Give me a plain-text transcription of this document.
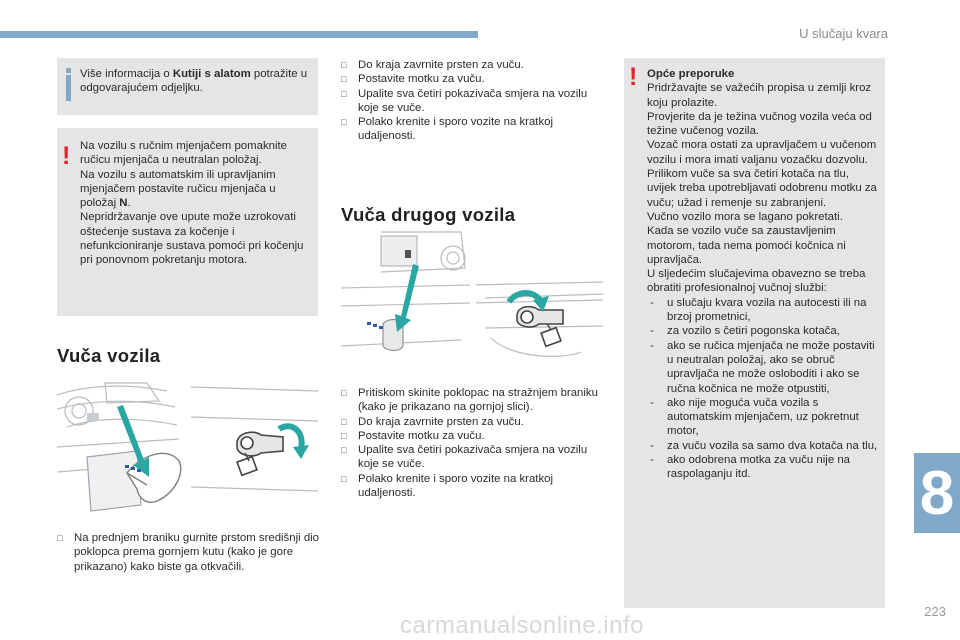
U slučaju kvara
8
223
carmanualsonline.info

Više informacija o Kutiji s alatom potražite u odgovarajućem odjeljku.

! Na vozilu s ručnim mjenjačem pomaknite ručicu mjenjača u neutralan položaj.

Na vozilu s automatskim ili upravljanim mjenjačem postavite ručicu mjenjača u položaj N.

Nepridržavanje ove upute može uzrokovati oštećenje sustava za kočenje i nefunkcioniranje sustava pomoći pri kočenju pri ponovnom pokretanju motora.

Vuča vozila
□ Na prednjem braniku gurnite prstom središnji dio poklopca prema gornjem kutu (kako je gore prikazano) kako biste ga otkvačili.
□ Do kraja zavrnite prsten za vuču.
□ Postavite motku za vuču.
□ Upalite sva četiri pokazivača smjera na vozilu koje se vuče.
□ Polako krenite i sporo vozite na kratkoj udaljenosti.
Vuča drugog vozila
□ Pritiskom skinite poklopac na stražnjem braniku (kako je prikazano na gornjoj slici).
□ Do kraja zavrnite prsten za vuču.
□ Postavite motku za vuču.
□ Upalite sva četiri pokazivača smjera na vozilu koje se vuče.
□ Polako krenite i sporo vozite na kratkoj udaljenosti.
! Opće preporuke

Pridržavajte se važećih propisa u zemlji kroz koju prolazite.

Provjerite da je težina vučnog vozila veća od težine vučenog vozila.

Vozač mora ostati za upravljačem u vučenom vozilu i mora imati valjanu vozačku dozvolu.

Prilikom vuče sa sva četiri kotača na tlu, uvijek treba upotrebljavati odobrenu motku za vuču; užad i remenje su zabranjeni.

Vučno vozilo mora se lagano pokretati.

Kada se vozilo vuče sa zaustavljenim motorom, tada nema pomoći kočnica ni upravljača.

U sljedećim slučajevima obavezno se treba obratiti profesionalnoj vučnoj službi:

- u slučaju kvara vozila na autocesti ili na brzoj prometnici,
- za vozilo s četiri pogonska kotača,
- ako se ručica mjenjača ne može postaviti u neutralan položaj, ako se obruč upravljača ne može osloboditi i ako se ručna kočnica ne može otpustiti,
- ako nije moguća vuča vozila s automatskim mjenjačem, uz pokretnut motor,
- za vuču vozila sa samo dva kotača na tlu,
- ako odobrena motka za vuču nije na raspolaganju itd.
